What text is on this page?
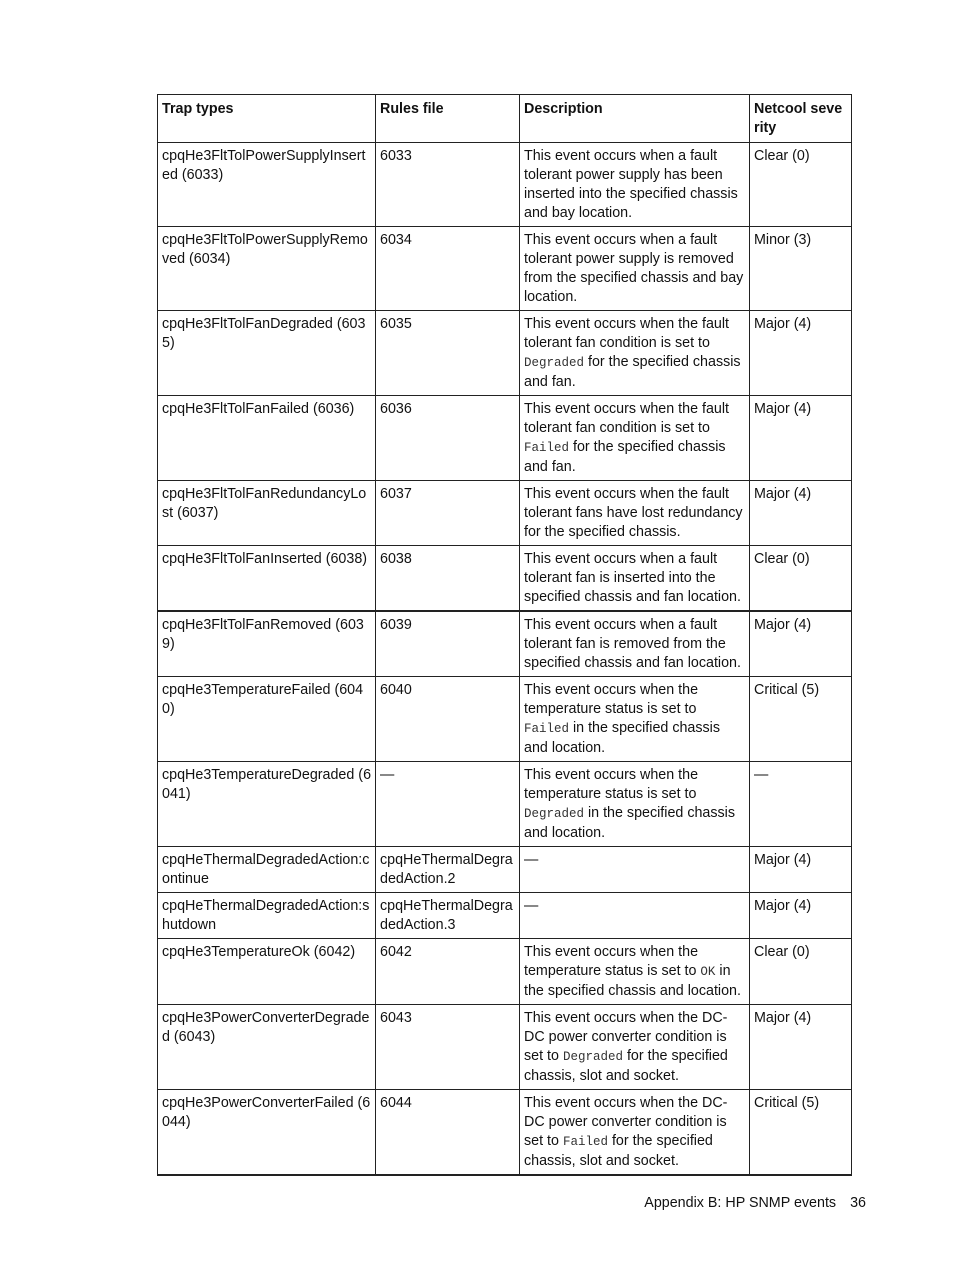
Trap types	Rules file	Description	Netcool severity
cpqHe3FltTolPowerSupplyInserted (6033)	6033	This event occurs when a fault tolerant power supply has been inserted into the specified chassis and bay location.	Clear (0)
cpqHe3FltTolPowerSupplyRemoved (6034)	6034	This event occurs when a fault tolerant power supply is removed from the specified chassis and bay location.	Minor (3)
cpqHe3FltTolFanDegraded (6035)	6035	This event occurs when the fault tolerant fan condition is set to Degraded for the specified chassis and fan.	Major (4)
cpqHe3FltTolFanFailed (6036)	6036	This event occurs when the fault tolerant fan condition is set to Failed for the specified chassis and fan.	Major (4)
cpqHe3FltTolFanRedundancyLost (6037)	6037	This event occurs when the fault tolerant fans have lost redundancy for the specified chassis.	Major (4)
cpqHe3FltTolFanInserted (6038)	6038	This event occurs when a fault tolerant fan is inserted into the specified chassis and fan location.	Clear (0)
cpqHe3FltTolFanRemoved (6039)	6039	This event occurs when a fault tolerant fan is removed from the specified chassis and fan location.	Major (4)
cpqHe3TemperatureFailed (6040)	6040	This event occurs when the temperature status is set to Failed in the specified chassis and location.	Critical (5)
cpqHe3TemperatureDegraded (6041)	—	This event occurs when the temperature status is set to Degraded in the specified chassis and location.	—
cpqHeThermalDegradedAction:continue	cpqHeThermalDegradedAction.2	—	Major (4)
cpqHeThermalDegradedAction:shutdown	cpqHeThermalDegradedAction.3	—	Major (4)
cpqHe3TemperatureOk (6042)	6042	This event occurs when the temperature status is set to OK in the specified chassis and location.	Clear (0)
cpqHe3PowerConverterDegraded (6043)	6043	This event occurs when the DC-DC power converter condition is set to Degraded for the specified chassis, slot and socket.	Major (4)
cpqHe3PowerConverterFailed (6044)	6044	This event occurs when the DC-DC power converter condition is set to Failed for the specified chassis, slot and socket.	Critical (5)
Appendix B: HP SNMP events 36
